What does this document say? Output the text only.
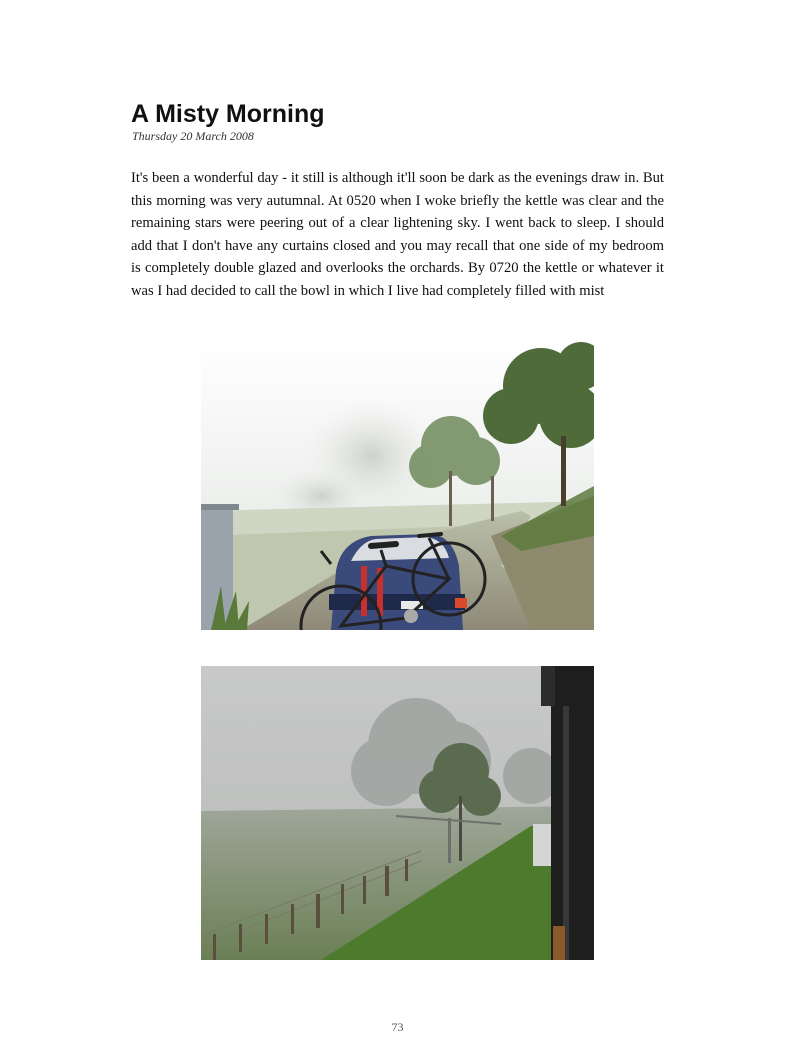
A Misty Morning
Thursday 20 March 2008

It's been a wonderful day - it still is although it'll soon be dark as the evenings draw in. But this morning was very autumnal. At 0520 when I woke briefly the kettle was clear and the remaining stars were peering out of a clear lightening sky. I went back to sleep. I should add that I don't have any curtains closed and you may recall that one side of my bedroom is completely double glazed and overlooks the orchards. By 0720 the kettle or whatever it was I had decided to call the bowl in which I live had completely filled with mist

73
